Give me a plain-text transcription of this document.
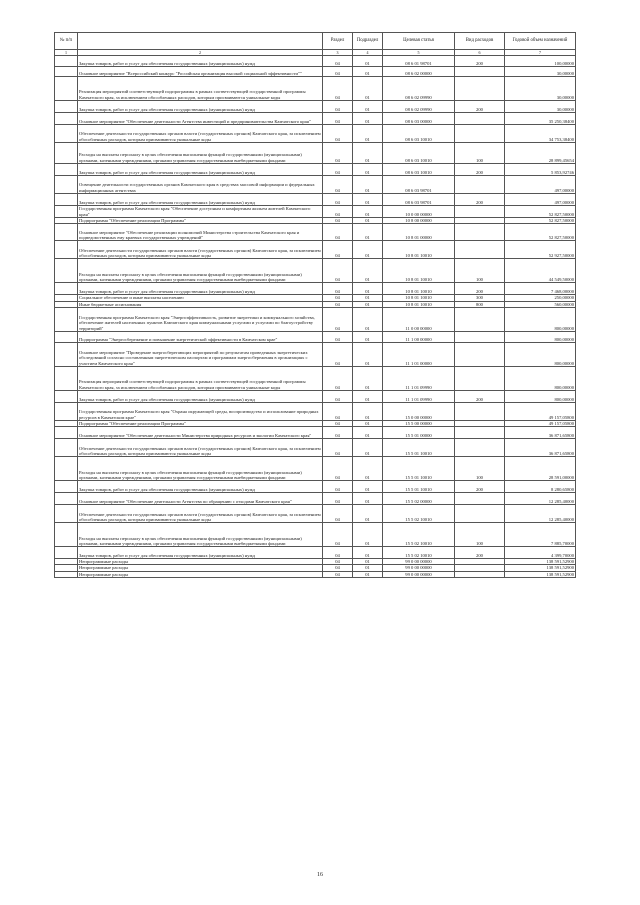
№ п/п		Раздел	Подраздел	Целевая статья	Вид расходов	Годовой объем назначений
1	2	3	4	5	6	7
	Закупка товаров, работ и услуг для обеспечения государственных (муниципальных) нужд	04	01	08 6 01 98701	200	100,00000
	Основное мероприятие "Всероссийский конкурс "Российская организация высокой социальной эффективности""	04	01	08 6 02 00000		30,00000
	Реализация мероприятий соответствующей подпрограммы в рамках соответствующей государственной программы Камчатского края, за исключением обособленных расходов, которым присваиваются уникальные коды	04	01	08 6 02 09990		30,00000
	Закупка товаров, работ и услуг для обеспечения государственных (муниципальных) нужд	04	01	08 6 02 09990	200	30,00000
	Основное мероприятие "Обеспечение деятельности Агентства инвестиций и предпринимательства Камчатского края"	04	01	08 6 03 00000		35 250,38400
	Обеспечение деятельности государственных органов власти (государственных органов) Камчатского края, за исключением обособленных расходов, которым присваиваются уникальные коды	04	01	08 6 03 10010		34 753,38400
	Расходы на выплаты персоналу в целях обеспечения выполнения функций государственными (муниципальными) органами, казенными учреждениями, органами управления государственными внебюджетными фондами	04	01	08 6 03 10010	100	28 899,45654
	Закупка товаров, работ и услуг для обеспечения государственных (муниципальных) нужд	04	01	08 6 03 10010	200	5 853,92746
	Освещение деятельности государственных органов Камчатского края в средствах массовой информации и федеральных информационных агентствах	04	01	08 6 03 98701		497,00000
	Закупка товаров, работ и услуг для обеспечения государственных (муниципальных) нужд	04	01	08 6 03 98701	200	497,00000
	Государственная программа Камчатского края "Обеспечение доступным и комфортным жильем жителей Камчатского края"	04	01	10 0 00 00000		52 827,50000
	Подпрограмма "Обеспечение реализации Программы"	04	01	10 8 00 00000		52 827,50000
	Основное мероприятие "Обеспечение реализации полномочий Министерства строительства Камчатского края и подведомственных ему краевых государственных учреждений"	04	01	10 8 01 00000		52 827,50000
	Обеспечение деятельности государственных органов власти (государственных органов) Камчатского края, за исключением обособленных расходов, которым присваиваются уникальные коды	04	01	10 8 01 10010		52 927,50000
	Расходы на выплаты персоналу в целях обеспечения выполнения функций государственными (муниципальными) органами, казенными учреждениями, органами управления государственными внебюджетными фондами	04	01	10 8 01 10010	100	44 549,50000
	Закупка товаров, работ и услуг для обеспечения государственных (муниципальных) нужд	04	01	10 8 01 10010	200	7 468,00000
	Социальное обеспечение и иные выплаты населению	04	01	10 8 01 10010	300	250,00000
	Иные бюджетные ассигнования	04	01	10 8 01 10010	800	560,00000
	Государственная программа Камчатского края "Энергоэффективность, развитие энергетики и коммунального хозяйства, обеспечение жителей населенных пунктов Камчатского края коммунальными услугами и услугами по благоустройству территорий"	04	01	11 0 00 00000		800,00000
	Подпрограмма "Энергосбережение и повышение энергетической эффективности в Камчатском крае"	04	01	11 1 00 00000		800,00000
	Основное мероприятие "Проведение энергосберегающих мероприятий по результатам проведенных энергетических обследований согласно составленным энергетическим паспортам и программам энергосбережения в организациях с участием Камчатского края"	04	01	11 1 01 00000		800,00000
	Реализация мероприятий соответствующей подпрограммы в рамках соответствующей государственной программы Камчатского края, за исключением обособленных расходов, которым присваиваются уникальные коды	04	01	11 1 01 09990		800,00000
	Закупка товаров, работ и услуг для обеспечения государственных (муниципальных) нужд	04	01	11 1 01 09990	200	800,00000
	Государственная программа Камчатского края "Охрана окружающей среды, воспроизводство и использование природных ресурсов в Камчатском крае"	04	01	15 0 00 00000		49 157,05800
	Подпрограмма "Обеспечение реализации Программы"	04	01	15 5 00 00000		49 157,05800
	Основное мероприятие "Обеспечение деятельности Министерства природных ресурсов и экологии Камчатского края"	04	01	15 5 01 00000		36 871,65800
	Обеспечение деятельности государственных органов власти (государственных органов) Камчатского края, за исключением обособленных расходов, которым присваиваются уникальные коды	04	01	15 5 01 10010		36 871,65800
	Расходы на выплаты персоналу в целях обеспечения выполнения функций государственными (муниципальными) органами, казенными учреждениями, органами управления государственными внебюджетными фондами	04	01	15 5 01 10010	100	28 591,00000
	Закупка товаров, работ и услуг для обеспечения государственных (муниципальных) нужд	04	01	15 5 01 10010	200	8 280,65800
	Основное мероприятие "Обеспечение деятельности Агентства по обращению с отходами Камчатского края"	04	01	15 5 02 00000		12 285,40000
	Обеспечение деятельности государственных органов власти (государственных органов) Камчатского края, за исключением обособленных расходов, которым присваиваются уникальные коды	04	01	15 5 02 10010		12 285,40000
	Расходы на выплаты персоналу в целях обеспечения выполнения функций государственными (муниципальными) органами, казенными учреждениями, органами управления государственными внебюджетными фондами	04	01	15 5 02 10010	100	7 885,70000
	Закупка товаров, работ и услуг для обеспечения государственных (муниципальных) нужд	04	01	15 5 02 10010	200	4 399,70000
	Непрограммные расходы	04	01	99 0 00 00000		138 591,52900
	Непрограммные расходы	04	01	99 0 00 00000		138 591,52900
	Непрограммные расходы	04	01	99 0 00 00000		138 591,52900
16
